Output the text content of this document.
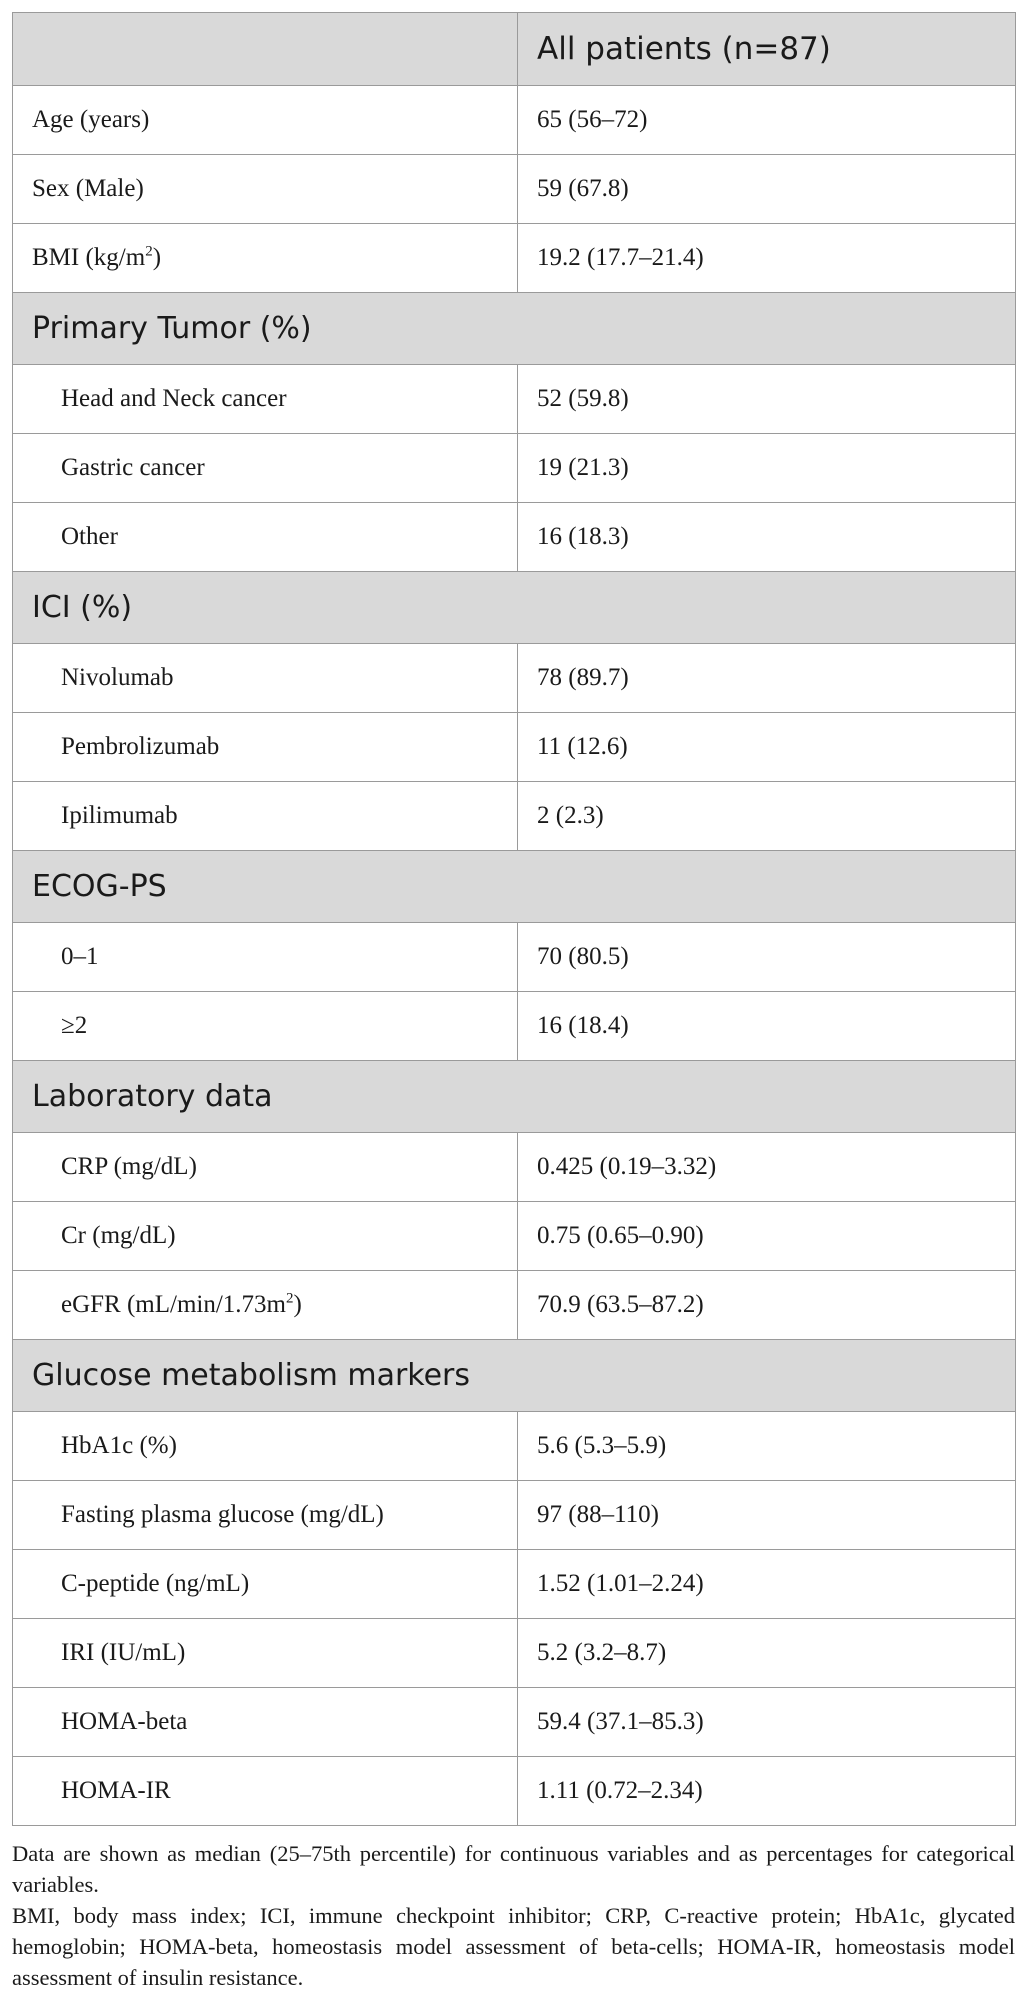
	All patients (n=87)
Age (years)	65 (56–72)
Sex (Male)	59 (67.8)
BMI $(kg/m^2)$	19.2 (17.7–21.4)
Primary Tumor (%)	
Head and Neck cancer	52 (59.8)
Gastric cancer	19 (21.3)
Other	16 (18.3)
ICI (%)	
Nivolumab	78 (89.7)
Pembrolizumab	11 (12.6)
Ipilimumab	2 (2.3)
ECOG-PS	
0–1	70 (80.5)
≥2	16 (18.4)
Laboratory data	
CRP (mg/dL)	0.425 (0.19–3.32)
Cr (mg/dL)	0.75 (0.65–0.90)
eGFR $(mL/\min/1.73m^2)$	70.9 (63.5–87.2)
Glucose metabolism markers	
HbA1c (%)	5.6 (5.3–5.9)
Fasting plasma glucose (mg/dL)	97 (88–110)
C-peptide (ng/mL)	1.52 (1.01–2.24)
IRI (IU/mL)	5.2 (3.2–8.7)
HOMA-beta	59.4 (37.1–85.3)
HOMA-IR	1.11 (0.72–2.34)

Data are shown as median (25–75th percentile) for continuous variables and as percentages for categorical variables.

BMI, body mass index; ICI, immune checkpoint inhibitor; CRP, C-reactive protein; HbA1c, glycated hemoglobin; HOMA-beta, homeostasis model assessment of beta-cells; HOMA-IR, homeostasis model assessment of insulin resistance.
